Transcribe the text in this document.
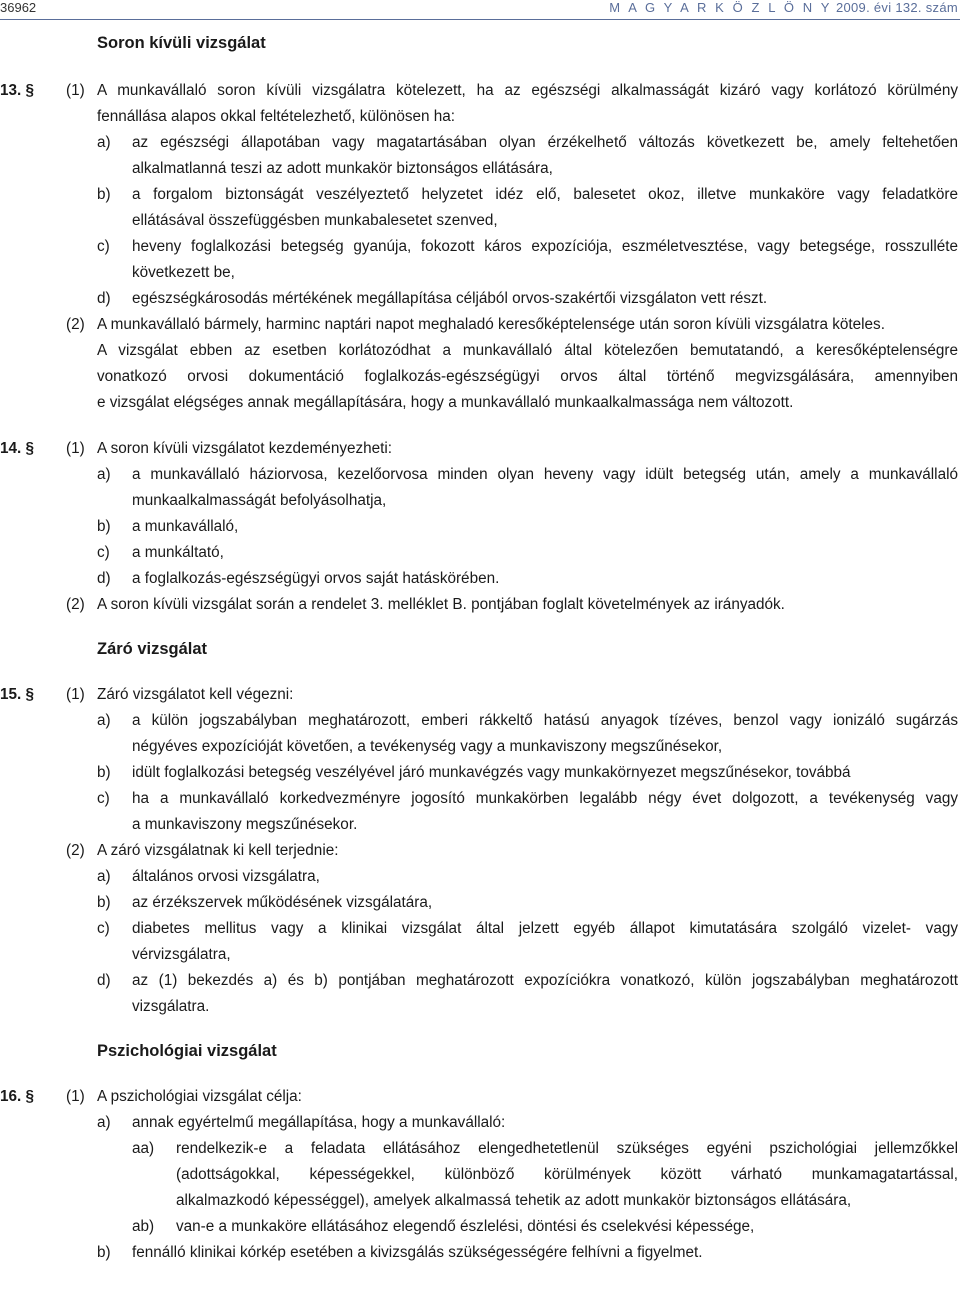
36962	M A G Y A R K Ö Z L Ö N Y 2009. évi 132. szám
Soron kívüli vizsgálat
13. § (1) A munkavállaló soron kívüli vizsgálatra kötelezett, ha az egészségi alkalmasságát kizáró vagy korlátozó körülmény
fennállása alapos okkal feltételezhető, különösen ha:
a) az egészségi állapotában vagy magatartásában olyan érzékelhető változás következett be, amely feltehetően
alkalmatlanná teszi az adott munkakör biztonságos ellátására,
b) a forgalom biztonságát veszélyeztető helyzetet idéz elő, balesetet okoz, illetve munkaköre vagy feladatköre
ellátásával összefüggésben munkabalesetet szenved,
c) heveny foglalkozási betegség gyanúja, fokozott káros expozíciója, eszméletvesztése, vagy betegsége, rosszulléte
következett be,
d) egészségkárosodás mértékének megállapítása céljából orvos-szakértői vizsgálaton vett részt.
(2) A munkavállaló bármely, harminc naptári napot meghaladó keresőképtelensége után soron kívüli vizsgálatra köteles.
A vizsgálat ebben az esetben korlátozódhat a munkavállaló által kötelezően bemutatandó, a keresőképtelenségre
vonatkozó orvosi dokumentáció foglalkozás-egészségügyi orvos által történő megvizsgálására, amennyiben
e vizsgálat elégséges annak megállapítására, hogy a munkavállaló munkaalkalmassága nem változott.
14. § (1) A soron kívüli vizsgálatot kezdeményezheti:
a) a munkavállaló háziorvosa, kezelőorvosa minden olyan heveny vagy idült betegség után, amely a munkavállaló
munkaalkalmasságát befolyásolhatja,
b) a munkavállaló,
c) a munkáltató,
d) a foglalkozás-egészségügyi orvos saját hatáskörében.
(2) A soron kívüli vizsgálat során a rendelet 3. melléklet B. pontjában foglalt követelmények az irányadók.
Záró vizsgálat
15. § (1) Záró vizsgálatot kell végezni:
a) a külön jogszabályban meghatározott, emberi rákkeltő hatású anyagok tízéves, benzol vagy ionizáló sugárzás
négyéves expozícióját követően, a tevékenység vagy a munkaviszony megszűnésekor,
b) idült foglalkozási betegség veszélyével járó munkavégzés vagy munkakörnyezet megszűnésekor, továbbá
c) ha a munkavállaló korkedvezményre jogosító munkakörben legalább négy évet dolgozott, a tevékenység vagy
a munkaviszony megszűnésekor.
(2) A záró vizsgálatnak ki kell terjednie:
a) általános orvosi vizsgálatra,
b) az érzékszervek működésének vizsgálatára,
c) diabetes mellitus vagy a klinikai vizsgálat által jelzett egyéb állapot kimutatására szolgáló vizelet- vagy
vérvizsgálatra,
d) az (1) bekezdés a) és b) pontjában meghatározott expozíciókra vonatkozó, külön jogszabályban meghatározott
vizsgálatra.
Pszichológiai vizsgálat
16. § (1) A pszichológiai vizsgálat célja:
a) annak egyértelmű megállapítása, hogy a munkavállaló:
aa) rendelkezik-e a feladata ellátásához elengedhetetlenül szükséges egyéni pszichológiai jellemzőkkel
(adottságokkal, képességekkel, különböző körülmények között várható munkamagatartással,
alkalmazkodó képességgel), amelyek alkalmassá tehetik az adott munkakör biztonságos ellátására,
ab) van-e a munkaköre ellátásához elegendő észlelési, döntési és cselekvési képessége,
b) fennálló klinikai kórkép esetében a kivizsgálás szükségességére felhívni a figyelmet.
